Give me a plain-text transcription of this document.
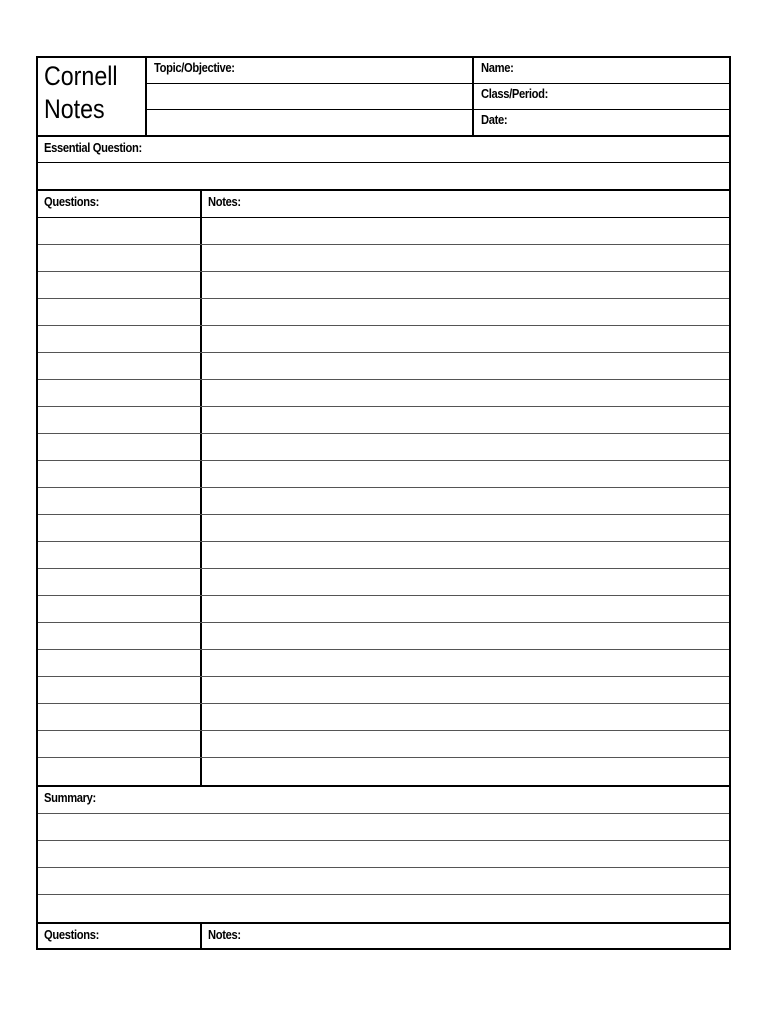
Cornell
Notes
Topic/Objective:	Name:
Class/Period:
Date:
Essential Question:
Questions:	Notes:
Summary:
Questions:	Notes:
